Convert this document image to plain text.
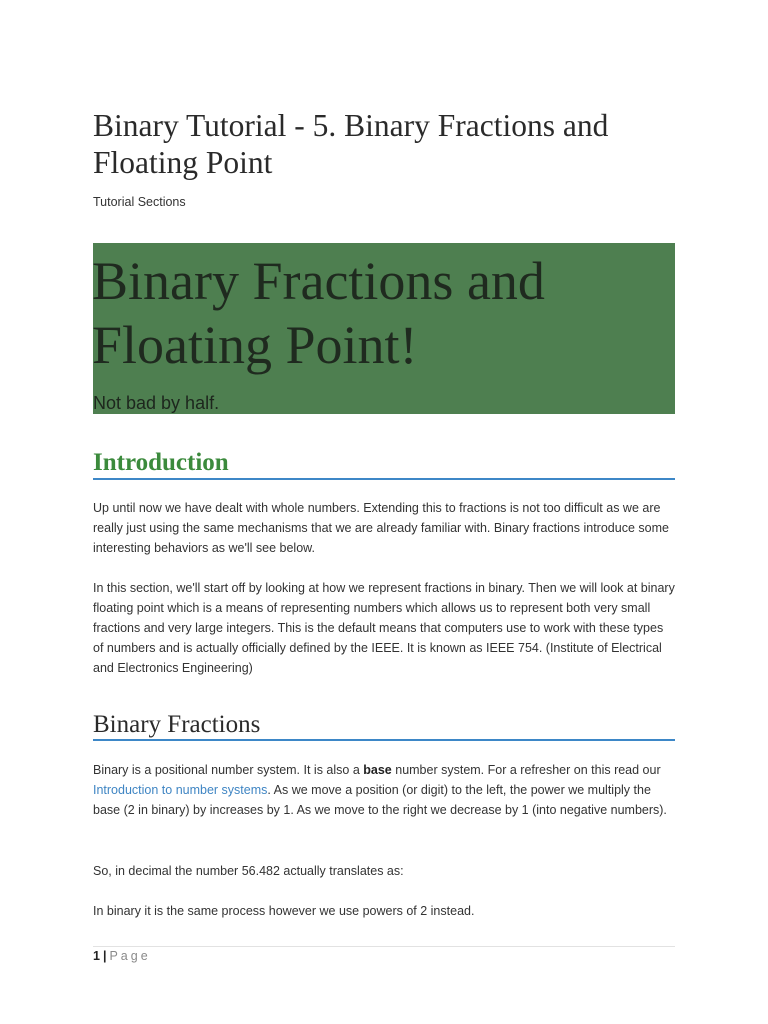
Binary Tutorial - 5. Binary Fractions and Floating Point
Tutorial Sections
Binary Fractions and Floating Point!
Not bad by half.
Introduction

Up until now we have dealt with whole numbers. Extending this to fractions is not too difficult as we are really just using the same mechanisms that we are already familiar with. Binary fractions introduce some interesting behaviors as we'll see below.

In this section, we'll start off by looking at how we represent fractions in binary. Then we will look at binary floating point which is a means of representing numbers which allows us to represent both very small fractions and very large integers. This is the default means that computers use to work with these types of numbers and is actually officially defined by the IEEE. It is known as IEEE 754. (Institute of Electrical and Electronics Engineering)

Binary Fractions

Binary is a positional number system. It is also a base number system. For a refresher on this read our Introduction to number systems. As we move a position (or digit) to the left, the power we multiply the base (2 in binary) by increases by 1. As we move to the right we decrease by 1 (into negative numbers).

So, in decimal the number 56.482 actually translates as:

In binary it is the same process however we use powers of 2 instead.

1 | Page
